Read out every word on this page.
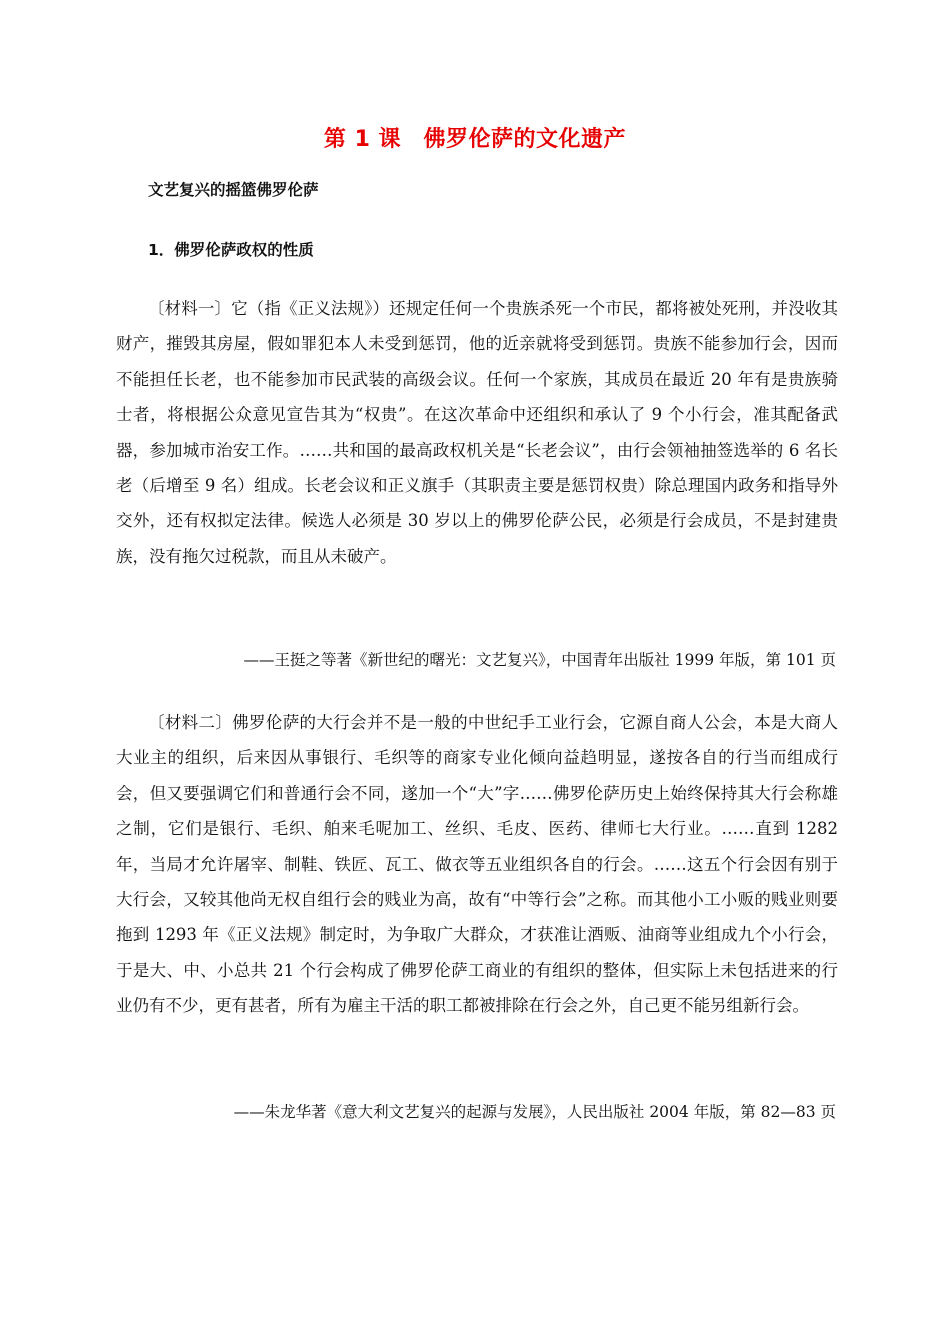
第 1 课　佛罗伦萨的文化遗产
文艺复兴的摇篮佛罗伦萨
1．佛罗伦萨政权的性质

〔材料一〕它（指《正义法规》）还规定任何一个贵族杀死一个市民，都将被处死刑，并没收其财产，摧毁其房屋，假如罪犯本人未受到惩罚，他的近亲就将受到惩罚。贵族不能参加行会，因而不能担任长老，也不能参加市民武装的高级会议。任何一个家族，其成员在最近 20 年有是贵族骑士者，将根据公众意见宣告其为“权贵”。在这次革命中还组织和承认了 9 个小行会，准其配备武器，参加城市治安工作。……共和国的最高政权机关是“长老会议”，由行会领袖抽签选举的 6 名长老（后增至 9 名）组成。长老会议和正义旗手（其职责主要是惩罚权贵）除总理国内政务和指导外交外，还有权拟定法律。候选人必须是 30 岁以上的佛罗伦萨公民，必须是行会成员，不是封建贵族，没有拖欠过税款，而且从未破产。

——王挺之等著《新世纪的曙光：文艺复兴》，中国青年出版社 1999 年版，第 101 页

〔材料二〕佛罗伦萨的大行会并不是一般的中世纪手工业行会，它源自商人公会，本是大商人大业主的组织，后来因从事银行、毛织等的商家专业化倾向益趋明显，遂按各自的行当而组成行会，但又要强调它们和普通行会不同，遂加一个“大”字……佛罗伦萨历史上始终保持其大行会称雄之制，它们是银行、毛织、舶来毛呢加工、丝织、毛皮、医药、律师七大行业。……直到 1282 年，当局才允许屠宰、制鞋、铁匠、瓦工、做衣等五业组织各自的行会。……这五个行会因有别于大行会，又较其他尚无权自组行会的贱业为高，故有“中等行会”之称。而其他小工小贩的贱业则要拖到 1293 年《正义法规》制定时，为争取广大群众，才获准让酒贩、油商等业组成九个小行会，于是大、中、小总共 21 个行会构成了佛罗伦萨工商业的有组织的整体，但实际上未包括进来的行业仍有不少，更有甚者，所有为雇主干活的职工都被排除在行会之外，自己更不能另组新行会。

——朱龙华著《意大利文艺复兴的起源与发展》，人民出版社 2004 年版，第 82—83 页
